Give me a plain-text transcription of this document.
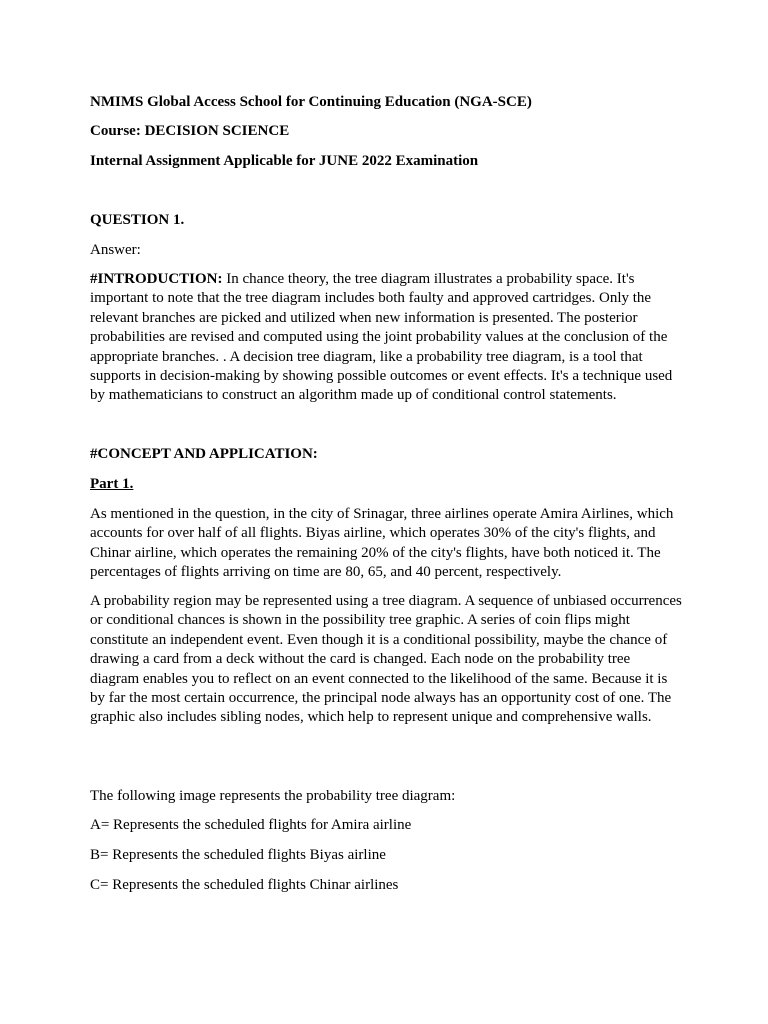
NMIMS Global Access School for Continuing Education (NGA-SCE)
Course: DECISION SCIENCE
Internal Assignment Applicable for JUNE 2022 Examination
QUESTION 1.
Answer:
#INTRODUCTION: In chance theory, the tree diagram illustrates a probability space. It's important to note that the tree diagram includes both faulty and approved cartridges. Only the relevant branches are picked and utilized when new information is presented. The posterior probabilities are revised and computed using the joint probability values at the conclusion of the appropriate branches. . A decision tree diagram, like a probability tree diagram, is a tool that supports in decision-making by showing possible outcomes or event effects. It's a technique used by mathematicians to construct an algorithm made up of conditional control statements.
#CONCEPT AND APPLICATION:
Part 1.
As mentioned in the question, in the city of Srinagar, three airlines operate Amira Airlines, which accounts for over half of all flights. Biyas airline, which operates 30% of the city's flights, and Chinar airline, which operates the remaining 20% of the city's flights, have both noticed it. The percentages of flights arriving on time are 80, 65, and 40 percent, respectively.
A probability region may be represented using a tree diagram. A sequence of unbiased occurrences or conditional chances is shown in the possibility tree graphic. A series of coin flips might constitute an independent event. Even though it is a conditional possibility, maybe the chance of drawing a card from a deck without the card is changed. Each node on the probability tree diagram enables you to reflect on an event connected to the likelihood of the same. Because it is by far the most certain occurrence, the principal node always has an opportunity cost of one. The graphic also includes sibling nodes, which help to represent unique and comprehensive walls.
The following image represents the probability tree diagram:
A= Represents the scheduled flights for Amira airline
B= Represents the scheduled flights Biyas airline
C= Represents the scheduled flights Chinar airlines
